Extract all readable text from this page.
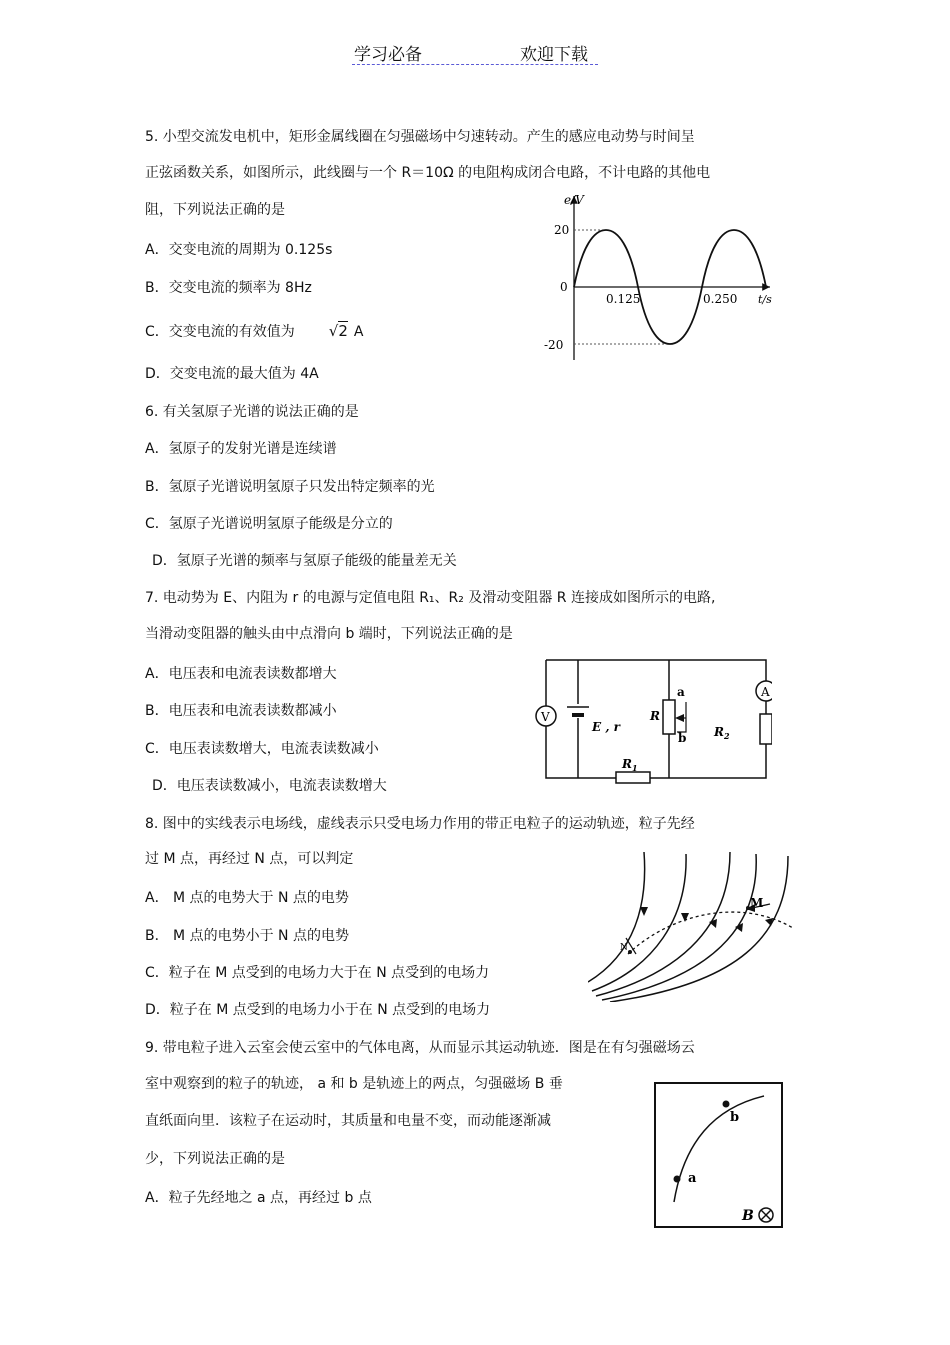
学习必备	欢迎下载
5. 小型交流发电机中，矩形金属线圈在匀强磁场中匀速转动。产生的感应电动势与时间呈
正弦函数关系，如图所示，此线圈与一个 R＝10Ω 的电阻构成闭合电路，不计电路的其他电
阻，下列说法正确的是
A．交变电流的周期为 0.125s
B．交变电流的频率为 8Hz
C．交变电流的有效值为 √2 A
D．交变电流的最大值为 4A
e/V
20
0
-20
0.125	0.250 t/s
6. 有关氢原子光谱的说法正确的是
A．氢原子的发射光谱是连续谱
B．氢原子光谱说明氢原子只发出特定频率的光
C．氢原子光谱说明氢原子能级是分立的
D．氢原子光谱的频率与氢原子能级的能量差无关
7. 电动势为 E、内阻为 r 的电源与定值电阻 R₁、R₂ 及滑动变阻器 R 连接成如图所示的电路,
当滑动变阻器的触头由中点滑向 b 端时，下列说法正确的是
A．电压表和电流表读数都增大
B．电压表和电流表读数都减小
C．电压表读数增大，电流表读数减小
D．电压表读数减小，电流表读数增大
V
E , r
$R_1$
R
a
b
A
$R_2$
8. 图中的实线表示电场线，虚线表示只受电场力作用的带正电粒子的运动轨迹，粒子先经
过 M 点，再经过 N 点，可以判定
A． M 点的电势大于 N 点的电势
B． M 点的电势小于 N 点的电势
C．粒子在 M 点受到的电场力大于在 N 点受到的电场力
D．粒子在 M 点受到的电场力小于在 N 点受到的电场力
M
N
9. 带电粒子进入云室会使云室中的气体电离，从而显示其运动轨迹．图是在有匀强磁场云
室中观察到的粒子的轨迹， a 和 b 是轨迹上的两点，匀强磁场 B 垂
直纸面向里．该粒子在运动时，其质量和电量不变，而动能逐渐减
少，下列说法正确的是
A．粒子先经地之 a 点，再经过 b 点
a
b
B
